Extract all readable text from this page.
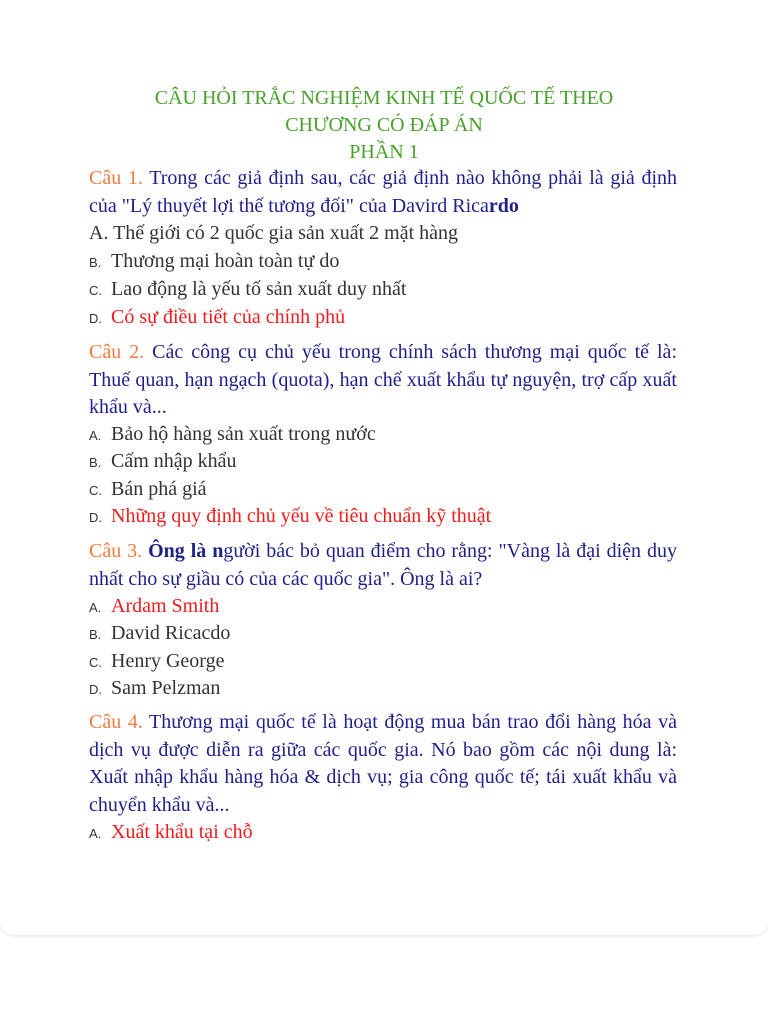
CÂU HỎI TRẮC NGHIỆM KINH TẾ QUỐC TẾ THEO
CHƯƠNG CÓ ĐÁP ÁN
PHẦN 1
Câu 1. Trong các giả định sau, các giả định nào không phải là giả định của "Lý thuyết lợi thế tương đối" của Davird Ricardo
A. Thế giới có 2 quốc gia sản xuất 2 mặt hàng
B. Thương mại hoàn toàn tự do
C. Lao động là yếu tố sản xuất duy nhất
D. Có sự điều tiết của chính phủ
Câu 2. Các công cụ chủ yếu trong chính sách thương mại quốc tế là: Thuế quan, hạn ngạch (quota), hạn chế xuất khẩu tự nguyện, trợ cấp xuất khẩu và...
A. Bảo hộ hàng sản xuất trong nước
B. Cấm nhập khẩu
C. Bán phá giá
D. Những quy định chủ yếu về tiêu chuẩn kỹ thuật
Câu 3. Ông là người bác bỏ quan điểm cho rằng: "Vàng là đại diện duy nhất cho sự giầu có của các quốc gia". Ông là ai?
A. Ardam Smith
B. David Ricacdo
C. Henry George
D. Sam Pelzman
Câu 4. Thương mại quốc tế là hoạt động mua bán trao đổi hàng hóa và dịch vụ được diễn ra giữa các quốc gia. Nó bao gồm các nội dung là: Xuất nhập khẩu hàng hóa & dịch vụ; gia công quốc tế; tái xuất khẩu và chuyển khẩu và...
A. Xuất khẩu tại chỗ
